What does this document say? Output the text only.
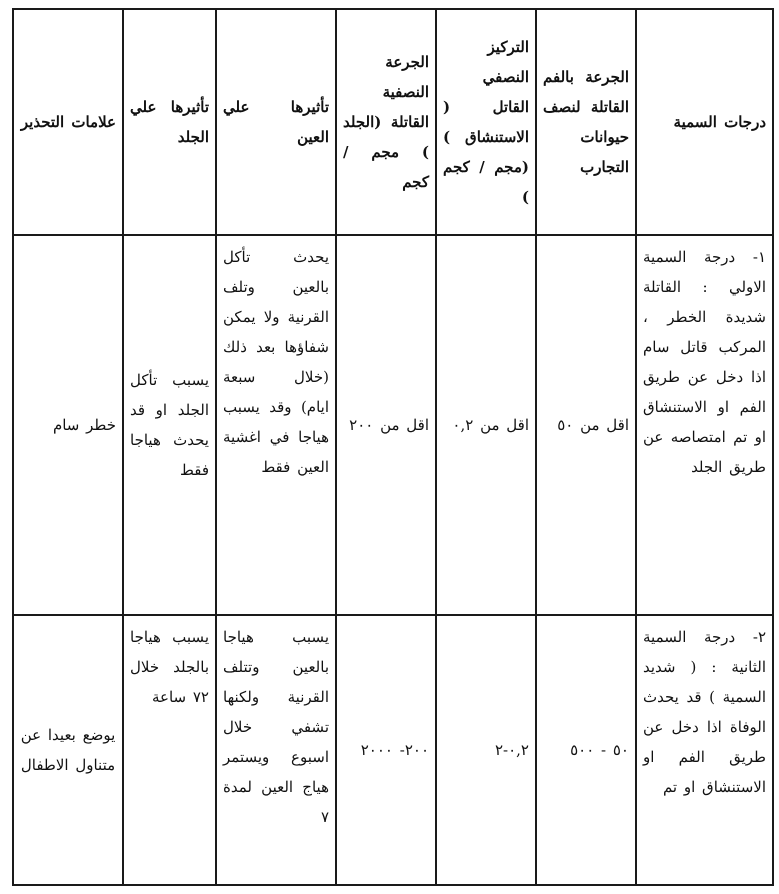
درجات السمية	الجرعة بالفم القاتلة لنصف حيوانات التجارب	التركيز النصفي القاتل ( الاستنشاق ) (مجم / كجم )	الجرعة النصفية القاتلة (الجلد ) مجم / كجم	تأثيرها علي العين	تأثيرها علي الجلد	علامات التحذير
١- درجة السمية الاولي : القاتلة شديدة الخطر ، المركب قاتل سام اذا دخل عن طريق الفم او الاستنشاق او تم امتصاصه عن طريق الجلد	اقل من ٥٠	اقل من ٠,٢	اقل من ٢٠٠	يحدث تأكل بالعين وتلف القرنية ولا يمكن شفاؤها بعد ذلك (خلال سبعة ايام) وقد يسبب هياجا في اغشية العين فقط	يسبب تأكل الجلد او قد يحدث هياجا فقط	خطر سام
٢- درجة السمية الثانية : ( شديد السمية ) قد يحدث الوفاة اذا دخل عن طريق الفم او الاستنشاق او تم	٥٠ - ٥٠٠	٠,٢-٢	٢٠٠- ٢٠٠٠	يسبب هياجا بالعين وتتلف القرنية ولكنها تشفي خلال اسبوع ويستمر هياج العين لمدة ٧	يسبب هياجا بالجلد خلال ٧٢ ساعة	يوضع بعيدا عن متناول الاطفال
